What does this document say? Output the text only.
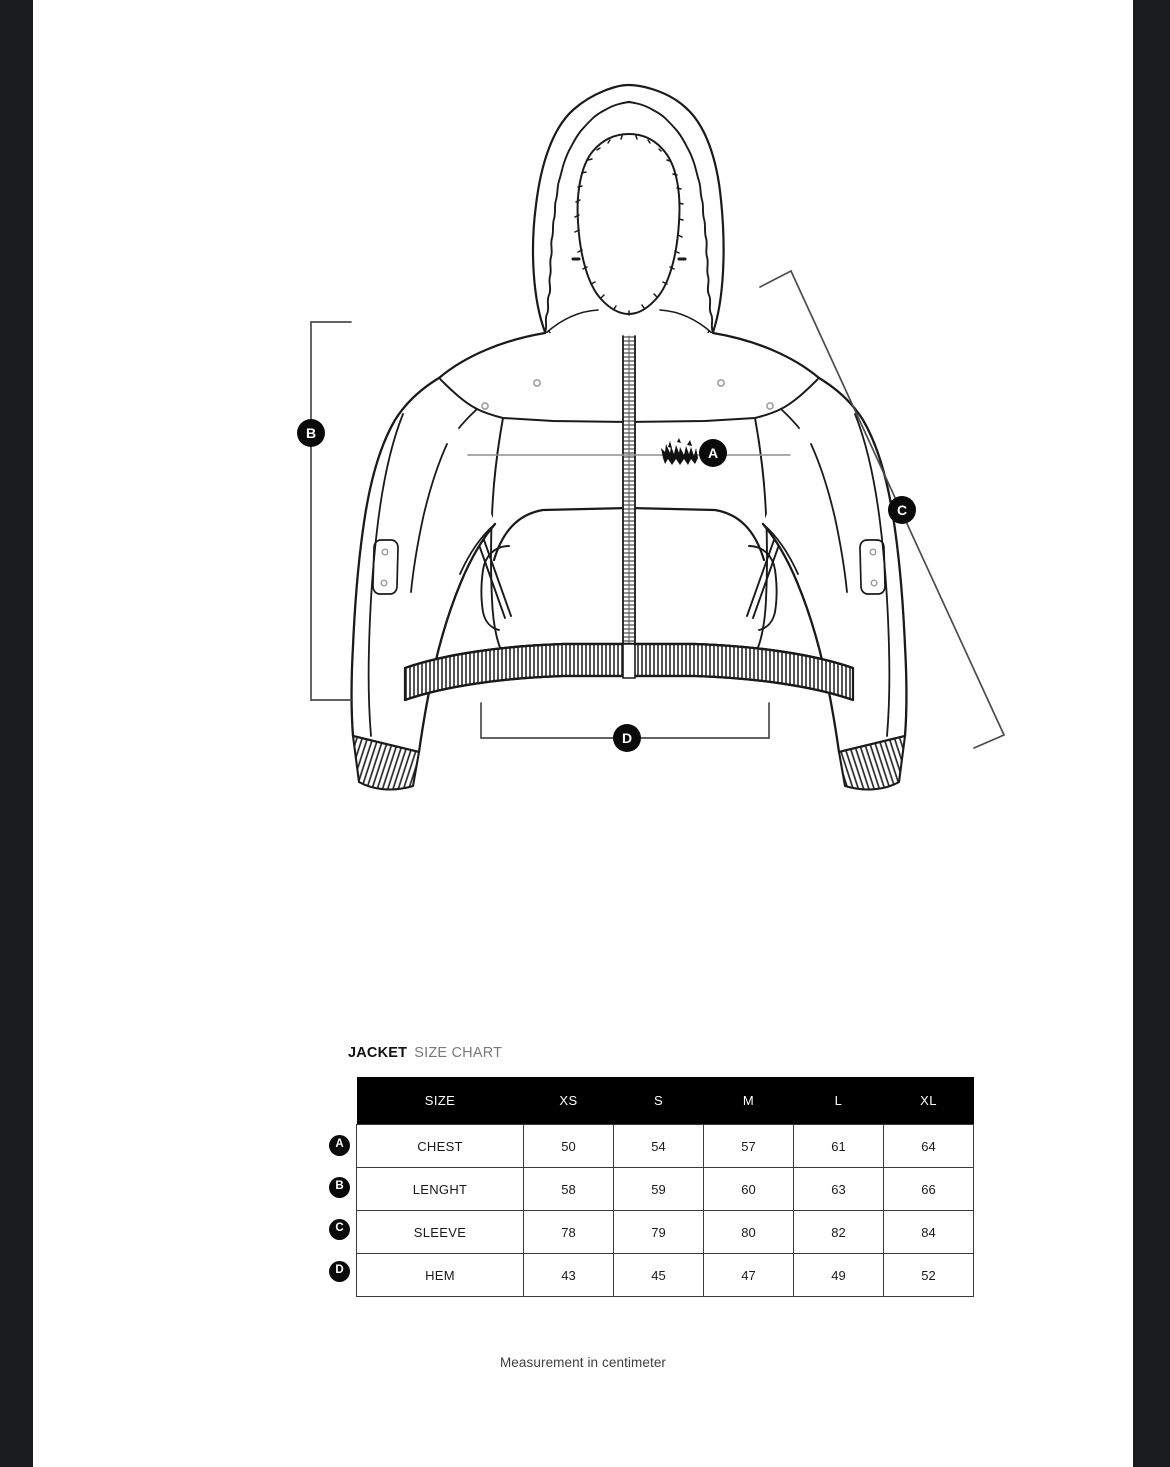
A
B
C
D
JACKET SIZE CHART
A
B
C
D
SIZE	XS	S	M	L	XL
CHEST	50	54	57	61	64
LENGHT	58	59	60	63	66
SLEEVE	78	79	80	82	84
HEM	43	45	47	49	52
Measurement in centimeter
